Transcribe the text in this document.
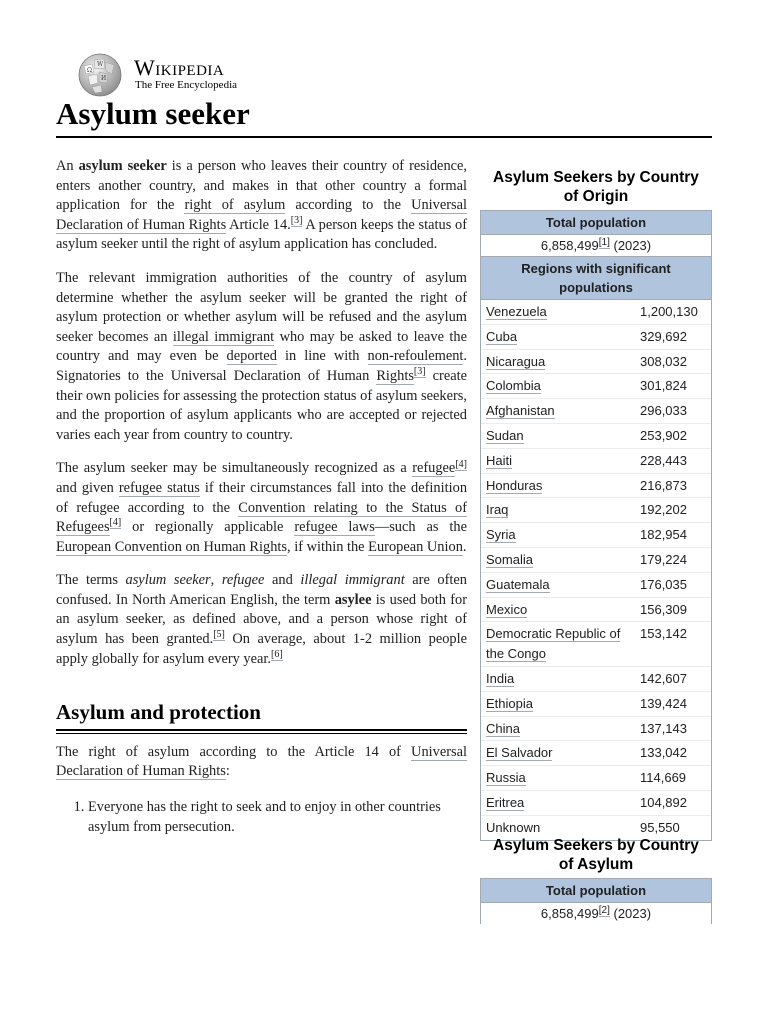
Ω
W
И Wikipedia
The Free Encyclopedia
Asylum seeker

An asylum seeker is a person who leaves their country of residence, enters another country, and makes in that other country a formal application for the right of asylum according to the Universal Declaration of Human Rights Article 14.[3] A person keeps the status of asylum seeker until the right of asylum application has concluded.

The relevant immigration authorities of the country of asylum determine whether the asylum seeker will be granted the right of asylum protection or whether asylum will be refused and the asylum seeker becomes an illegal immigrant who may be asked to leave the country and may even be deported in line with non-refoulement. Signatories to the Universal Declaration of Human Rights[3] create their own policies for assessing the protection status of asylum seekers, and the proportion of asylum applicants who are accepted or rejected varies each year from country to country.

The asylum seeker may be simultaneously recognized as a refugee[4] and given refugee status if their circumstances fall into the definition of refugee according to the Convention relating to the Status of Refugees[4] or regionally applicable refugee laws—such as the European Convention on Human Rights, if within the European Union.

The terms asylum seeker, refugee and illegal immigrant are often confused. In North American English, the term asylee is used both for an asylum seeker, as defined above, and a person whose right of asylum has been granted.[5] On average, about 1-2 million people apply globally for asylum every year.[6]

Asylum and protection

The right of asylum according to the Article 14 of Universal Declaration of Human Rights:

1. Everyone has the right to seek and to enjoy in other countries asylum from persecution.
Asylum Seekers by Country of Origin
Total population
6,858,499[1] (2023)
Regions with significant populations
Venezuela	1,200,130
Cuba	329,692
Nicaragua	308,032
Colombia	301,824
Afghanistan	296,033
Sudan	253,902
Haiti	228,443
Honduras	216,873
Iraq	192,202
Syria	182,954
Somalia	179,224
Guatemala	176,035
Mexico	156,309
Democratic Republic of the Congo
153,142
India	142,607
Ethiopia	139,424
China	137,143
El Salvador	133,042
Russia	114,669
Eritrea	104,892
Unknown	95,550
Asylum Seekers by Country of Asylum
Total population
6,858,499[2] (2023)
